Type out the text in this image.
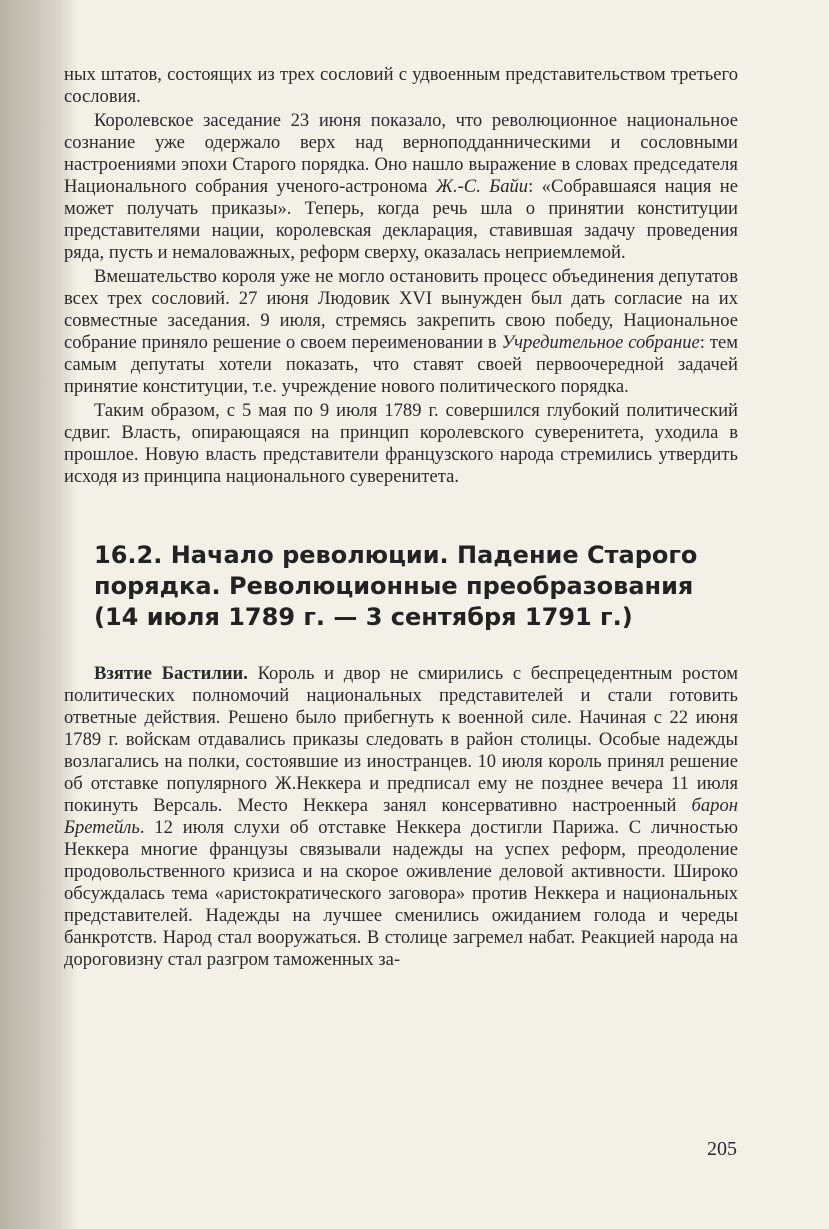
ных штатов, состоящих из трех сословий с удвоенным представительством третьего сословия.

Королевское заседание 23 июня показало, что революционное национальное сознание уже одержало верх над верноподданническими и сословными настроениями эпохи Старого порядка. Оно нашло выражение в словах председателя Национального собрания ученого-астронома Ж.-С. Байи: «Собравшаяся нация не может получать приказы». Теперь, когда речь шла о принятии конституции представителями нации, королевская декларация, ставившая задачу проведения ряда, пусть и немаловажных, реформ сверху, оказалась неприемлемой.

Вмешательство короля уже не могло остановить процесс объединения депутатов всех трех сословий. 27 июня Людовик XVI вынужден был дать согласие на их совместные заседания. 9 июля, стремясь закрепить свою победу, Национальное собрание приняло решение о своем переименовании в Учредительное собрание: тем самым депутаты хотели показать, что ставят своей первоочередной задачей принятие конституции, т.е. учреждение нового политического порядка.

Таким образом, с 5 мая по 9 июля 1789 г. совершился глубокий политический сдвиг. Власть, опирающаяся на принцип королевского суверенитета, уходила в прошлое. Новую власть представители французского народа стремились утвердить исходя из принципа национального суверенитета.

16.2. Начало революции. Падение Старого
порядка. Революционные преобразования
(14 июля 1789 г. — 3 сентября 1791 г.)

Взятие Бастилии. Король и двор не смирились с беспрецедентным ростом политических полномочий национальных представителей и стали готовить ответные действия. Решено было прибегнуть к военной силе. Начиная с 22 июня 1789 г. войскам отдавались приказы следовать в район столицы. Особые надежды возлагались на полки, состоявшие из иностранцев. 10 июля король принял решение об отставке популярного Ж.Неккера и предписал ему не позднее вечера 11 июля покинуть Версаль. Место Неккера занял консервативно настроенный барон Бретейль. 12 июля слухи об отставке Неккера достигли Парижа. С личностью Неккера многие французы связывали надежды на успех реформ, преодоление продовольственного кризиса и на скорое оживление деловой активности. Широко обсуждалась тема «аристократического заговора» против Неккера и национальных представителей. Надежды на лучшее сменились ожиданием голода и череды банкротств. Народ стал вооружаться. В столице загремел набат. Реакцией народа на дороговизну стал разгром таможенных за-

205
